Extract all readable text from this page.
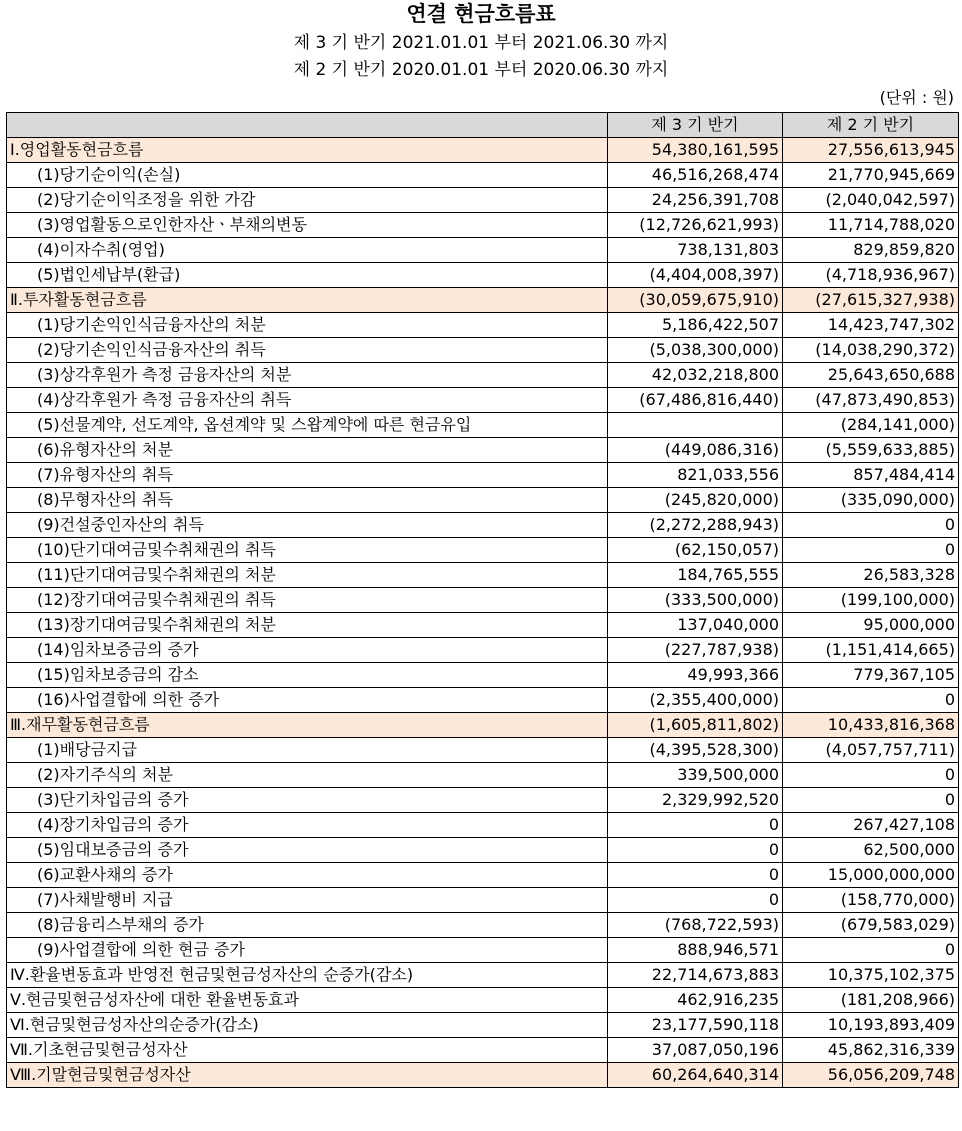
연결 현금흐름표
제 3 기 반기 2021.01.01 부터 2021.06.30 까지
제 2 기 반기 2020.01.01 부터 2020.06.30 까지
(단위 : 원)
	제 3 기 반기	제 2 기 반기
Ⅰ.영업활동현금흐름	54,380,161,595	27,556,613,945
(1)당기순이익(손실)	46,516,268,474	21,770,945,669
(2)당기순이익조정을 위한 가감	24,256,391,708	(2,040,042,597)
(3)영업활동으로인한자산ㆍ부채의변동	(12,726,621,993)	11,714,788,020
(4)이자수취(영업)	738,131,803	829,859,820
(5)법인세납부(환급)	(4,404,008,397)	(4,718,936,967)
Ⅱ.투자활동현금흐름	(30,059,675,910)	(27,615,327,938)
(1)당기손익인식금융자산의 처분	5,186,422,507	14,423,747,302
(2)당기손익인식금융자산의 취득	(5,038,300,000)	(14,038,290,372)
(3)상각후원가 측정 금융자산의 처분	42,032,218,800	25,643,650,688
(4)상각후원가 측정 금융자산의 취득	(67,486,816,440)	(47,873,490,853)
(5)선물계약, 선도계약, 옵션계약 및 스왑계약에 따른 현금유입		(284,141,000)
(6)유형자산의 처분	(449,086,316)	(5,559,633,885)
(7)유형자산의 취득	821,033,556	857,484,414
(8)무형자산의 취득	(245,820,000)	(335,090,000)
(9)건설중인자산의 취득	(2,272,288,943)	0
(10)단기대여금및수취채권의 취득	(62,150,057)	0
(11)단기대여금및수취채권의 처분	184,765,555	26,583,328
(12)장기대여금및수취채권의 취득	(333,500,000)	(199,100,000)
(13)장기대여금및수취채권의 처분	137,040,000	95,000,000
(14)임차보증금의 증가	(227,787,938)	(1,151,414,665)
(15)임차보증금의 감소	49,993,366	779,367,105
(16)사업결합에 의한 증가	(2,355,400,000)	0
Ⅲ.재무활동현금흐름	(1,605,811,802)	10,433,816,368
(1)배당금지급	(4,395,528,300)	(4,057,757,711)
(2)자기주식의 처분	339,500,000	0
(3)단기차입금의 증가	2,329,992,520	0
(4)장기차입금의 증가	0	267,427,108
(5)임대보증금의 증가	0	62,500,000
(6)교환사채의 증가	0	15,000,000,000
(7)사채발행비 지급	0	(158,770,000)
(8)금융리스부채의 증가	(768,722,593)	(679,583,029)
(9)사업결합에 의한 현금 증가	888,946,571	0
Ⅳ.환율변동효과 반영전 현금및현금성자산의 순증가(감소)	22,714,673,883	10,375,102,375
Ⅴ.현금및현금성자산에 대한 환율변동효과	462,916,235	(181,208,966)
Ⅵ.현금및현금성자산의순증가(감소)	23,177,590,118	10,193,893,409
Ⅶ.기초현금및현금성자산	37,087,050,196	45,862,316,339
Ⅷ.기말현금및현금성자산	60,264,640,314	56,056,209,748
